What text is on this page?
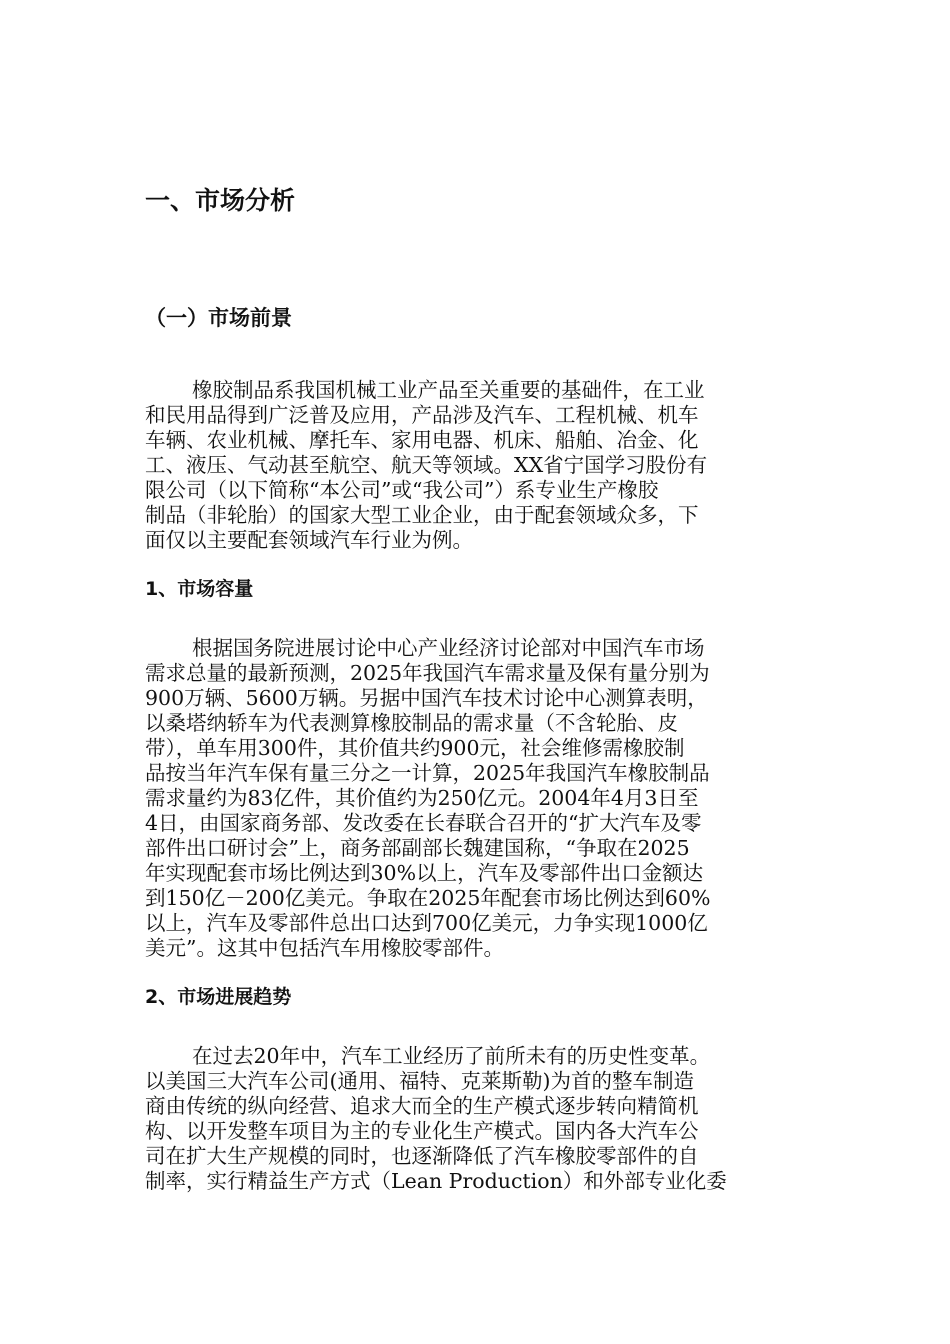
一、市场分析
（一）市场前景
橡胶制品系我国机械工业产品至关重要的基础件，在工业
和民用品得到广泛普及应用，产品涉及汽车、工程机械、机车
车辆、农业机械、摩托车、家用电器、机床、船舶、冶金、化
工、液压、气动甚至航空、航天等领域。XX省宁国学习股份有
限公司（以下简称“本公司”或“我公司”）系专业生产橡胶
制品（非轮胎）的国家大型工业企业，由于配套领域众多，下
面仅以主要配套领域汽车行业为例。
1、市场容量
根据国务院进展讨论中心产业经济讨论部对中国汽车市场
需求总量的最新预测，2025年我国汽车需求量及保有量分别为
900万辆、5600万辆。另据中国汽车技术讨论中心测算表明，
以桑塔纳轿车为代表测算橡胶制品的需求量（不含轮胎、皮
带），单车用300件，其价值共约900元，社会维修需橡胶制
品按当年汽车保有量三分之一计算，2025年我国汽车橡胶制品
需求量约为83亿件，其价值约为250亿元。2004年4月3日至
4日，由国家商务部、发改委在长春联合召开的“扩大汽车及零
部件出口研讨会”上，商务部副部长魏建国称，“争取在2025
年实现配套市场比例达到30%以上，汽车及零部件出口金额达
到150亿－200亿美元。争取在2025年配套市场比例达到60%
以上，汽车及零部件总出口达到700亿美元，力争实现1000亿
美元”。这其中包括汽车用橡胶零部件。
2、市场进展趋势
在过去20年中，汽车工业经历了前所未有的历史性变革。
以美国三大汽车公司(通用、福特、克莱斯勒)为首的整车制造
商由传统的纵向经营、追求大而全的生产模式逐步转向精简机
构、以开发整车项目为主的专业化生产模式。国内各大汽车公
司在扩大生产规模的同时，也逐渐降低了汽车橡胶零部件的自
制率，实行精益生产方式（Lean Production）和外部专业化委
